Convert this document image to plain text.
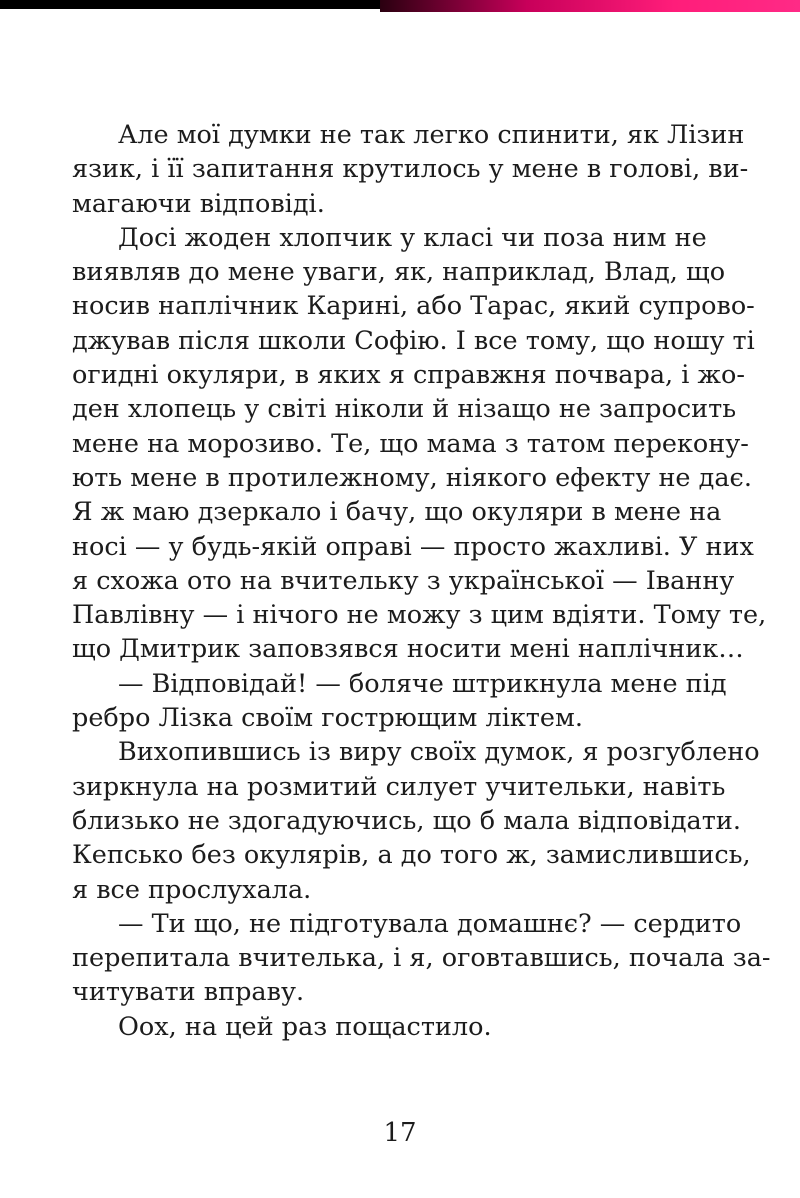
Але мої думки не так легко спинити, як Лізин
язик, і її запитання крутилось у мене в голові, ви-
магаючи відповіді.
Досі жоден хлопчик у класі чи поза ним не
виявляв до мене уваги, як, наприклад, Влад, що
носив наплічник Карині, або Тарас, який супрово-
джував після школи Софію. І все тому, що ношу ті
огидні окуляри, в яких я справжня почвара, і жо-
ден хлопець у світі ніколи й нізащо не запросить
мене на морозиво. Те, що мама з татом перекону-
ють мене в протилежному, ніякого ефекту не дає.
Я ж маю дзеркало і бачу, що окуляри в мене на
носі — у будь-якій оправі — просто жахливі. У них
я схожа ото на вчительку з української — Іванну
Павлівну — і нічого не можу з цим вдіяти. Тому те,
що Дмитрик заповзявся носити мені наплічник…
— Відповідай! — боляче штрикнула мене під
ребро Лізка своїм гострющим ліктем.
Вихопившись із виру своїх думок, я розгублено
зиркнула на розмитий силует учительки, навіть
близько не здогадуючись, що б мала відповідати.
Кепсько без окулярів, а до того ж, замислившись,
я все прослухала.
— Ти що, не підготувала домашнє? — сердито
перепитала вчителька, і я, оговтавшись, почала за-
читувати вправу.
Оох, на цей раз пощастило.
17
